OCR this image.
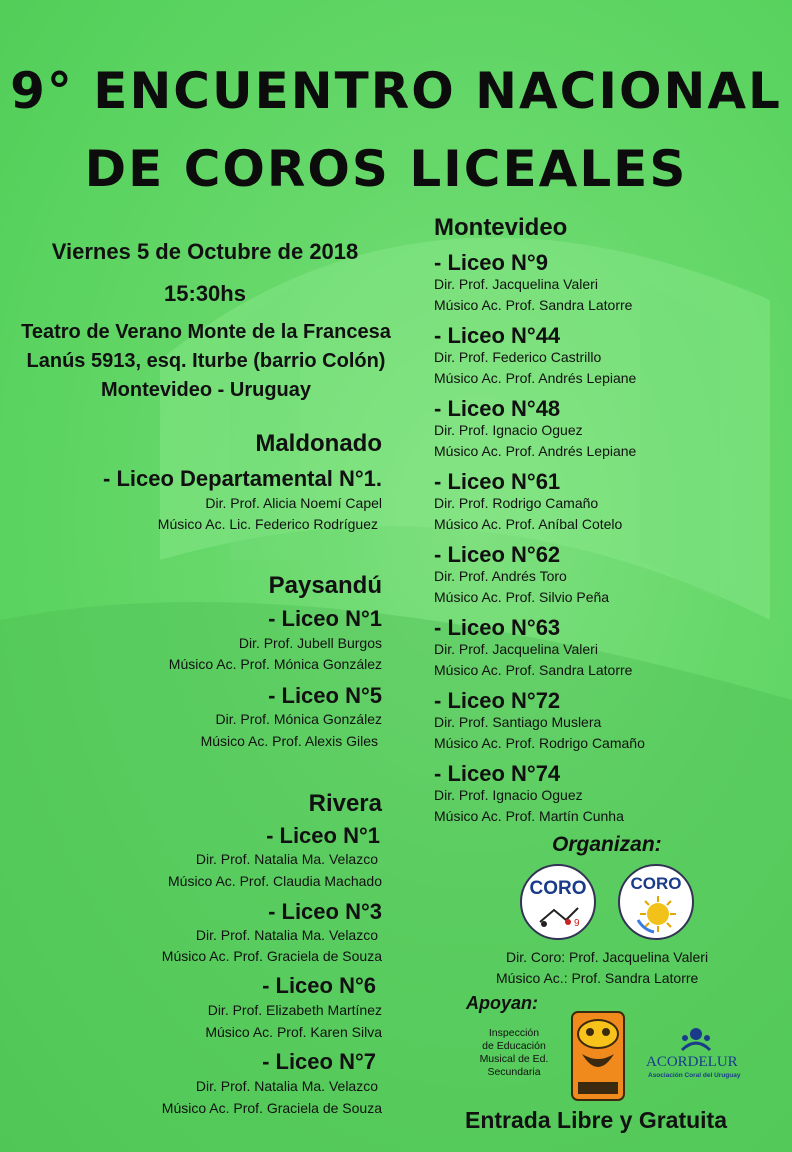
9° ENCUENTRO NACIONAL
DE COROS LICEALES
Viernes 5 de Octubre de 2018
15:30hs
Teatro de Verano Monte de la Francesa
Lanús 5913, esq. Iturbe (barrio Colón)
Montevideo - Uruguay
Maldonado
- Liceo Departamental N°1.
Dir. Prof. Alicia Noemí Capel
Músico Ac. Lic. Federico Rodríguez
Paysandú
- Liceo N°1
Dir. Prof. Jubell Burgos
Músico Ac. Prof. Mónica González
- Liceo N°5
Dir. Prof. Mónica González
Músico Ac. Prof. Alexis Giles
Rivera
- Liceo N°1
Dir. Prof. Natalia Ma. Velazco
Músico Ac. Prof. Claudia Machado
- Liceo N°3
Dir. Prof. Natalia Ma. Velazco
Músico Ac. Prof. Graciela de Souza
- Liceo N°6
Dir. Prof. Elizabeth Martínez
Músico Ac. Prof. Karen Silva
- Liceo N°7
Dir. Prof. Natalia Ma. Velazco
Músico Ac. Prof. Graciela de Souza
Montevideo
- Liceo N°9
Dir. Prof. Jacquelina Valeri
Músico Ac. Prof. Sandra Latorre
- Liceo N°44
Dir. Prof. Federico Castrillo
Músico Ac. Prof. Andrés Lepiane
- Liceo N°48
Dir. Prof. Ignacio Oguez
Músico Ac. Prof. Andrés Lepiane
- Liceo N°61
Dir. Prof. Rodrigo Camaño
Músico Ac. Prof. Aníbal Cotelo
- Liceo N°62
Dir. Prof. Andrés Toro
Músico Ac. Prof. Silvio Peña
- Liceo N°63
Dir. Prof. Jacquelina Valeri
Músico Ac. Prof. Sandra Latorre
- Liceo N°72
Dir. Prof. Santiago Muslera
Músico Ac. Prof. Rodrigo Camaño
- Liceo N°74
Dir. Prof. Ignacio Oguez
Músico Ac. Prof. Martín Cunha
Organizan:
CORO
9
CORO
Dir. Coro: Prof. Jacquelina Valeri
Músico Ac.: Prof. Sandra Latorre
Apoyan:
Inspección
de Educación
Musical de Ed.
Secundaria
ACORDELUR
Asociación Coral del Uruguay
Entrada Libre y Gratuita
